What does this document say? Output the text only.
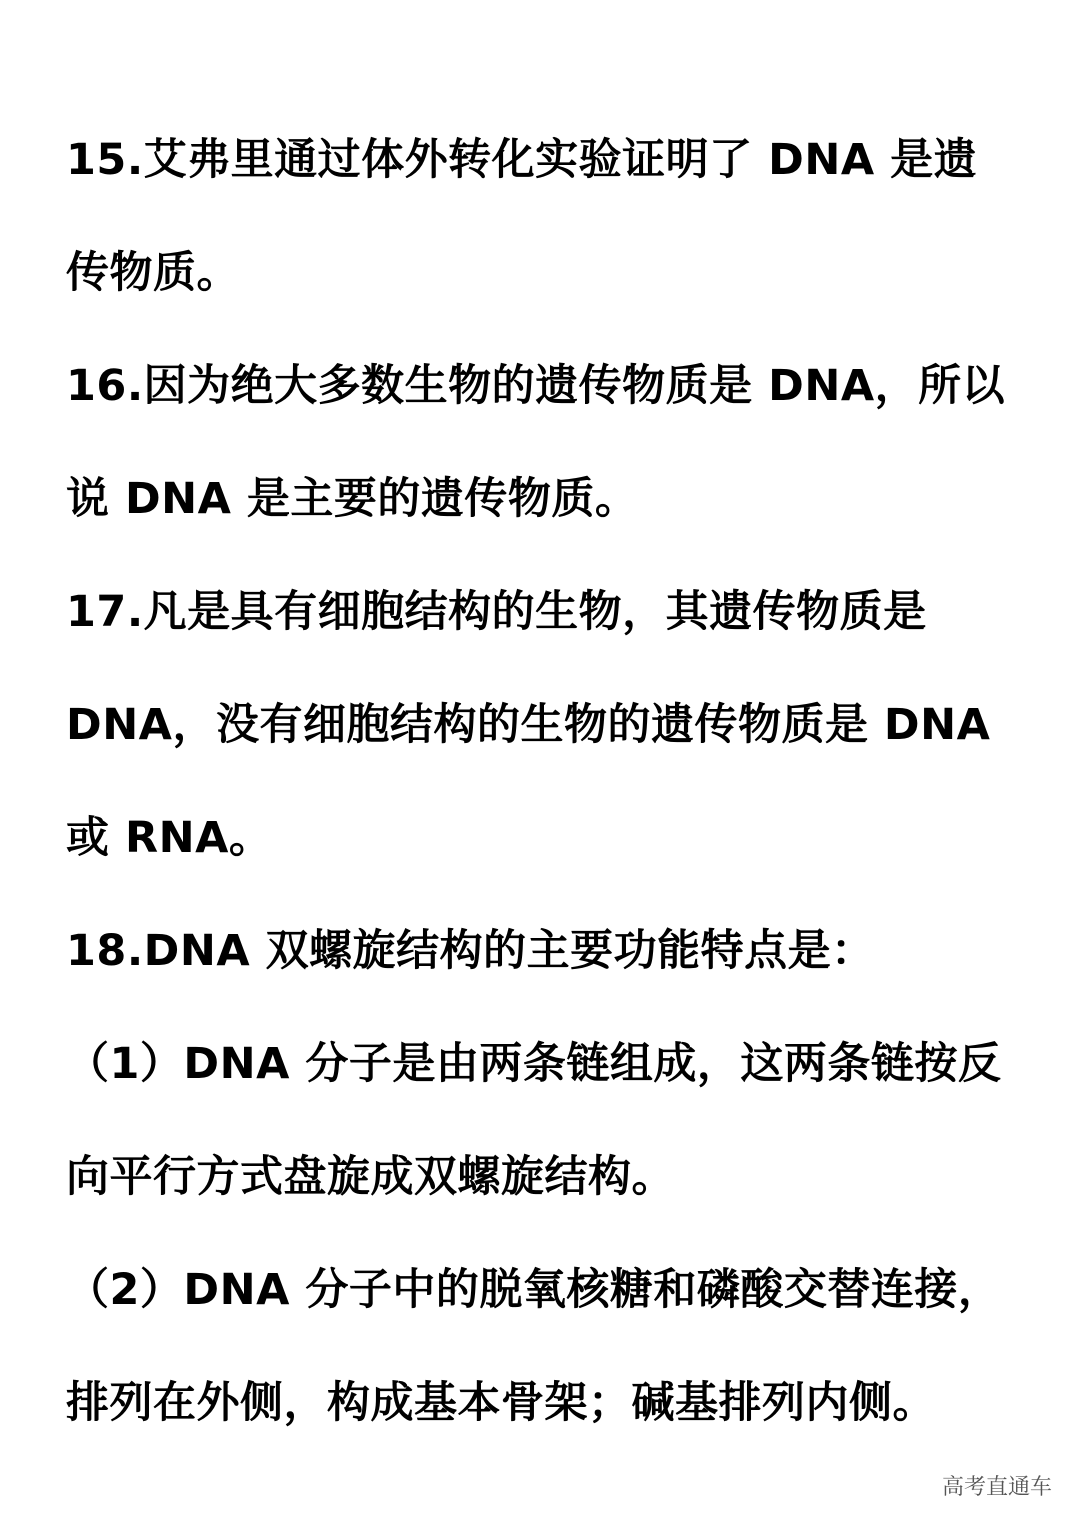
15.艾弗里通过体外转化实验证明了 DNA 是遗
传物质。
16.因为绝大多数生物的遗传物质是 DNA，所以
说 DNA 是主要的遗传物质。
17.凡是具有细胞结构的生物，其遗传物质是
DNA，没有细胞结构的生物的遗传物质是 DNA
或 RNA。
18.DNA 双螺旋结构的主要功能特点是：
（1）DNA 分子是由两条链组成，这两条链按反
向平行方式盘旋成双螺旋结构。
（2）DNA 分子中的脱氧核糖和磷酸交替连接，
排列在外侧，构成基本骨架；碱基排列内侧。
高考直通车
